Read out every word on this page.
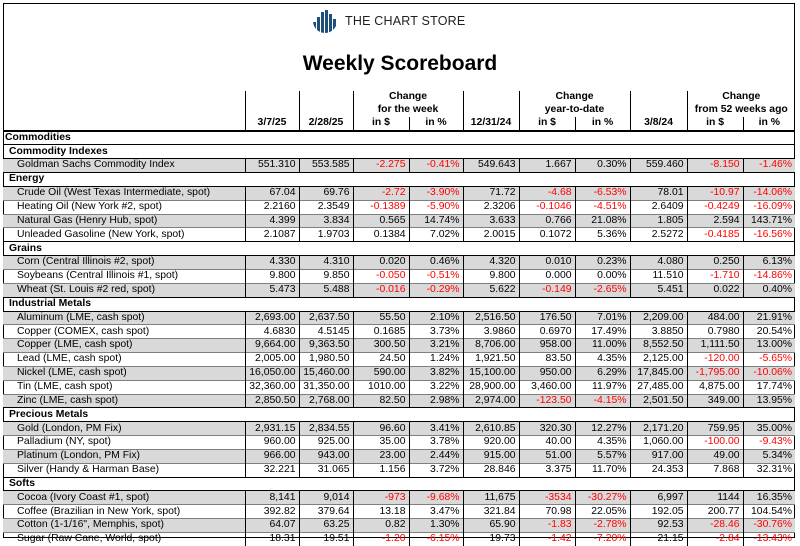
THE CHART STORE
Weekly Scoreboard
			Change			Change			Change	
			for the week			year-to-date			from 52 weeks ago	
	3/7/25	2/28/25	in $	in %	12/31/24	in $	in %	3/8/24	in $	in %
Commodities										
Commodity Indexes										
Goldman Sachs Commodity Index	551.310	553.585	-2.275	-0.41%	549.643	1.667	0.30%	559.460	-8.150	-1.46%
Energy										
Crude Oil (West Texas Intermediate, spot)	67.04	69.76	-2.72	-3.90%	71.72	-4.68	-6.53%	78.01	-10.97	-14.06%
Heating Oil (New York #2, spot)	2.2160	2.3549	-0.1389	-5.90%	2.3206	-0.1046	-4.51%	2.6409	-0.4249	-16.09%
Natural Gas (Henry Hub, spot)	4.399	3.834	0.565	14.74%	3.633	0.766	21.08%	1.805	2.594	143.71%
Unleaded Gasoline (New York, spot)	2.1087	1.9703	0.1384	7.02%	2.0015	0.1072	5.36%	2.5272	-0.4185	-16.56%
Grains										
Corn (Central Illinois #2, spot)	4.330	4.310	0.020	0.46%	4.320	0.010	0.23%	4.080	0.250	6.13%
Soybeans (Central Illinois #1, spot)	9.800	9.850	-0.050	-0.51%	9.800	0.000	0.00%	11.510	-1.710	-14.86%
Wheat (St. Louis #2 red, spot)	5.473	5.488	-0.016	-0.29%	5.622	-0.149	-2.65%	5.451	0.022	0.40%
Industrial Metals										
Aluminum (LME, cash spot)	2,693.00	2,637.50	55.50	2.10%	2,516.50	176.50	7.01%	2,209.00	484.00	21.91%
Copper (COMEX, cash spot)	4.6830	4.5145	0.1685	3.73%	3.9860	0.6970	17.49%	3.8850	0.7980	20.54%
Copper (LME, cash spot)	9,664.00	9,363.50	300.50	3.21%	8,706.00	958.00	11.00%	8,552.50	1,111.50	13.00%
Lead (LME, cash spot)	2,005.00	1,980.50	24.50	1.24%	1,921.50	83.50	4.35%	2,125.00	-120.00	-5.65%
Nickel (LME, cash spot)	16,050.00	15,460.00	590.00	3.82%	15,100.00	950.00	6.29%	17,845.00	-1,795.00	-10.06%
Tin (LME, cash spot)	32,360.00	31,350.00	1010.00	3.22%	28,900.00	3,460.00	11.97%	27,485.00	4,875.00	17.74%
Zinc (LME, cash spot)	2,850.50	2,768.00	82.50	2.98%	2,974.00	-123.50	-4.15%	2,501.50	349.00	13.95%
Precious Metals										
Gold (London, PM Fix)	2,931.15	2,834.55	96.60	3.41%	2,610.85	320.30	12.27%	2,171.20	759.95	35.00%
Palladium (NY, spot)	960.00	925.00	35.00	3.78%	920.00	40.00	4.35%	1,060.00	-100.00	-9.43%
Platinum (London, PM Fix)	966.00	943.00	23.00	2.44%	915.00	51.00	5.57%	917.00	49.00	5.34%
Silver (Handy & Harman Base)	32.221	31.065	1.156	3.72%	28.846	3.375	11.70%	24.353	7.868	32.31%
Softs										
Cocoa (Ivory Coast #1, spot)	8,141	9,014	-973	-9.68%	11,675	-3534	-30.27%	6,997	1144	16.35%
Coffee (Brazilian in New York, spot)	392.82	379.64	13.18	3.47%	321.84	70.98	22.05%	192.05	200.77	104.54%
Cotton (1-1/16", Memphis, spot)	64.07	63.25	0.82	1.30%	65.90	-1.83	-2.78%	92.53	-28.46	-30.76%
Sugar (Raw Cane, World, spot)	18.31	19.51	-1.20	-6.15%	19.73	-1.42	-7.20%	21.15	-2.84	-13.43%
